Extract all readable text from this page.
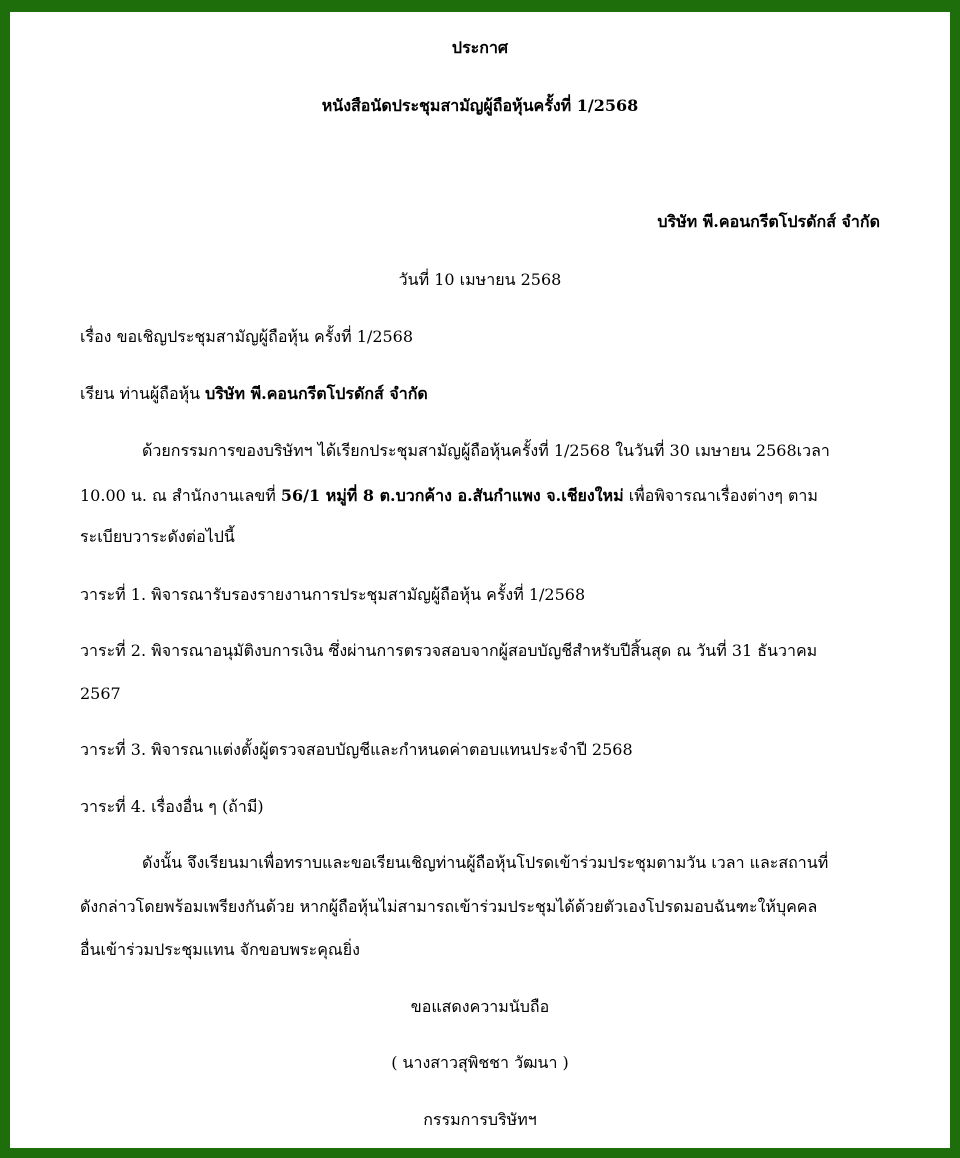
ประกาศ
หนังสือนัดประชุมสามัญผู้ถือหุ้นครั้งที่ 1/2568
บริษัท พี.คอนกรีตโปรดักส์ จำกัด
วันที่ 10 เมษายน 2568
เรื่อง ขอเชิญประชุมสามัญผู้ถือหุ้น ครั้งที่ 1/2568
เรียน ท่านผู้ถือหุ้น บริษัท พี.คอนกรีตโปรดักส์ จำกัด
ด้วยกรรมการของบริษัทฯ ได้เรียกประชุมสามัญผู้ถือหุ้นครั้งที่ 1/2568 ในวันที่ 30 เมษายน 2568เวลา
10.00 น. ณ สำนักงานเลขที่ 56/1 หมู่ที่ 8 ต.บวกค้าง อ.สันกำแพง จ.เชียงใหม่ เพื่อพิจารณาเรื่องต่างๆ ตาม
ระเบียบวาระดังต่อไปนี้
วาระที่ 1. พิจารณารับรองรายงานการประชุมสามัญผู้ถือหุ้น ครั้งที่ 1/2568
วาระที่ 2. พิจารณาอนุมัติงบการเงิน ซึ่งผ่านการตรวจสอบจากผู้สอบบัญชีสำหรับปีสิ้นสุด ณ วันที่ 31 ธันวาคม
2567
วาระที่ 3. พิจารณาแต่งตั้งผู้ตรวจสอบบัญชีและกำหนดค่าตอบแทนประจำปี 2568
วาระที่ 4. เรื่องอื่น ๆ (ถ้ามี)
ดังนั้น จึงเรียนมาเพื่อทราบและขอเรียนเชิญท่านผู้ถือหุ้นโปรดเข้าร่วมประชุมตามวัน เวลา และสถานที่
ดังกล่าวโดยพร้อมเพรียงกันด้วย หากผู้ถือหุ้นไม่สามารถเข้าร่วมประชุมได้ด้วยตัวเองโปรดมอบฉันฑะให้บุคคล
อื่นเข้าร่วมประชุมแทน จักขอบพระคุณยิ่ง
ขอแสดงความนับถือ
( นางสาวสุพิชชา วัฒนา )
กรรมการบริษัทฯ
